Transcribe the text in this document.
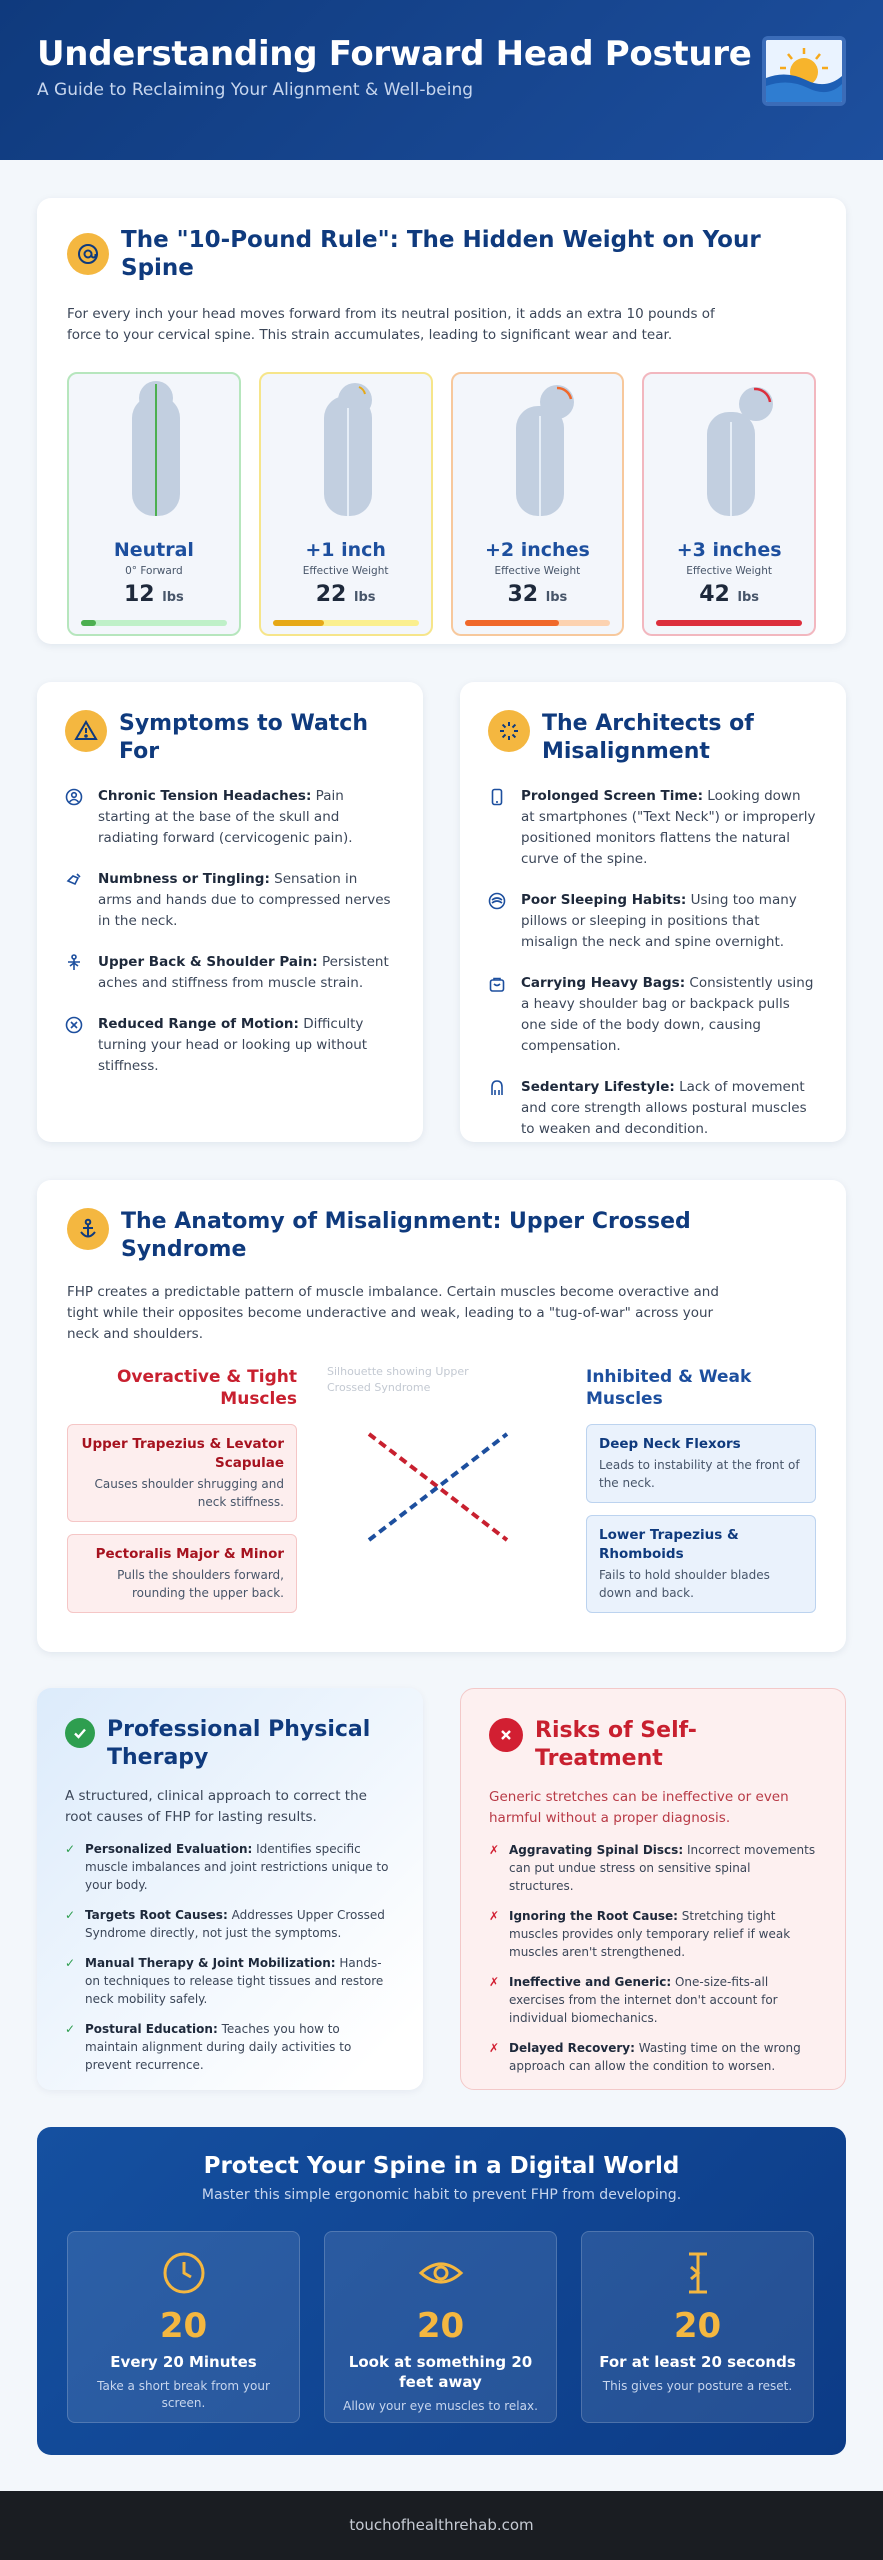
Understanding Forward Head Posture

A Guide to Reclaiming Your Alignment & Well-being

The "10-Pound Rule": The Hidden Weight on Your Spine

For every inch your head moves forward from its neutral position, it adds an extra 10 pounds of force to your cervical spine. This strain accumulates, leading to significant wear and tear.

Neutral
0° Forward
12 lbs
+1 inch
Effective Weight
22 lbs
+2 inches
Effective Weight
32 lbs
+3 inches
Effective Weight
42 lbs
Symptoms to Watch For
Chronic Tension Headaches: Pain starting at the base of the skull and radiating forward (cervicogenic pain).
Numbness or Tingling: Sensation in arms and hands due to compressed nerves in the neck.
Upper Back & Shoulder Pain: Persistent aches and stiffness from muscle strain.
Reduced Range of Motion: Difficulty turning your head or looking up without stiffness.
The Architects of Misalignment
Prolonged Screen Time: Looking down at smartphones ("Text Neck") or improperly positioned monitors flattens the natural curve of the spine.
Poor Sleeping Habits: Using too many pillows or sleeping in positions that misalign the neck and spine overnight.
Carrying Heavy Bags: Consistently using a heavy shoulder bag or backpack pulls one side of the body down, causing compensation.
Sedentary Lifestyle: Lack of movement and core strength allows postural muscles to weaken and decondition.
The Anatomy of Misalignment: Upper Crossed Syndrome

FHP creates a predictable pattern of muscle imbalance. Certain muscles become overactive and tight while their opposites become underactive and weak, leading to a "tug-of-war" across your neck and shoulders.

Overactive & Tight Muscles
Upper Trapezius & Levator Scapulae
Causes shoulder shrugging and neck stiffness.
Pectoralis Major & Minor
Pulls the shoulders forward, rounding the upper back.
Silhouette showing Upper Crossed Syndrome
Inhibited & Weak Muscles
Deep Neck Flexors
Leads to instability at the front of the neck.
Lower Trapezius & Rhomboids
Fails to hold shoulder blades down and back.
Professional Physical Therapy

A structured, clinical approach to correct the root causes of FHP for lasting results.

✓ Personalized Evaluation: Identifies specific muscle imbalances and joint restrictions unique to your body.
✓ Targets Root Causes: Addresses Upper Crossed Syndrome directly, not just the symptoms.
✓ Manual Therapy & Joint Mobilization: Hands-on techniques to release tight tissues and restore neck mobility safely.
✓ Postural Education: Teaches you how to maintain alignment during daily activities to prevent recurrence.
Risks of Self-Treatment

Generic stretches can be ineffective or even harmful without a proper diagnosis.

✗ Aggravating Spinal Discs: Incorrect movements can put undue stress on sensitive spinal structures.
✗ Ignoring the Root Cause: Stretching tight muscles provides only temporary relief if weak muscles aren't strengthened.
✗ Ineffective and Generic: One-size-fits-all exercises from the internet don't account for individual biomechanics.
✗ Delayed Recovery: Wasting time on the wrong approach can allow the condition to worsen.
Protect Your Spine in a Digital World
Master this simple ergonomic habit to prevent FHP from developing.
20
Every 20 Minutes
Take a short break from your screen.
20
Look at something 20 feet away
Allow your eye muscles to relax.
20
For at least 20 seconds
This gives your posture a reset.
touchofhealthrehab.com
